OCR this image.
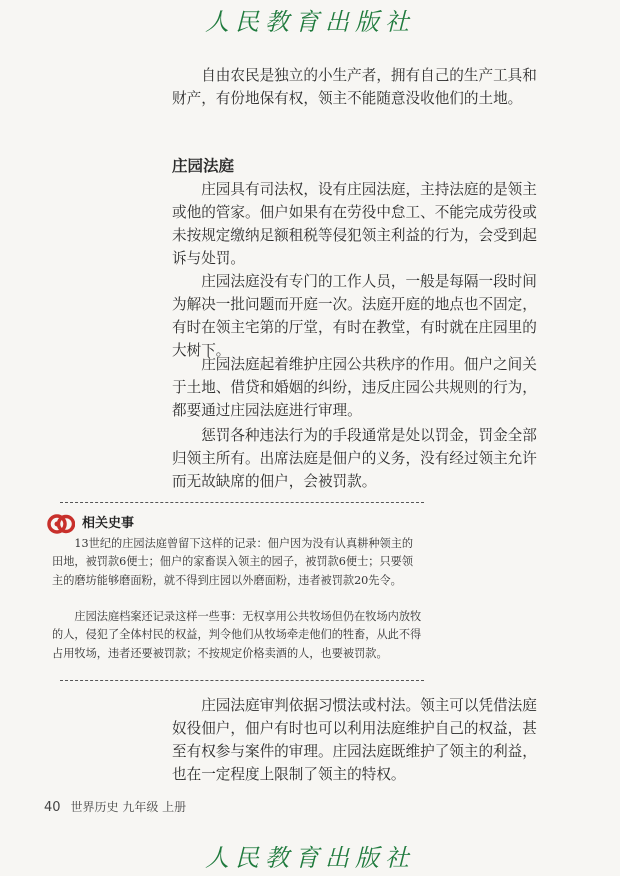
人民教育出版社

自由农民是独立的小生产者，拥有自己的生产工具和财产，有份地保有权，领主不能随意没收他们的土地。

庄园法庭

庄园具有司法权，设有庄园法庭，主持法庭的是领主或他的管家。佃户如果有在劳役中怠工、不能完成劳役或未按规定缴纳足额租税等侵犯领主利益的行为，会受到起诉与处罚。

庄园法庭没有专门的工作人员，一般是每隔一段时间为解决一批问题而开庭一次。法庭开庭的地点也不固定，有时在领主宅第的厅堂，有时在教堂，有时就在庄园里的大树下。

庄园法庭起着维护庄园公共秩序的作用。佃户之间关于土地、借贷和婚姻的纠纷，违反庄园公共规则的行为，都要通过庄园法庭进行审理。

惩罚各种违法行为的手段通常是处以罚金，罚金全部归领主所有。出席法庭是佃户的义务，没有经过领主允许而无故缺席的佃户，会被罚款。

相关史事

13世纪的庄园法庭曾留下这样的记录：佃户因为没有认真耕种领主的田地，被罚款6便士；佃户的家畜误入领主的园子，被罚款6便士；只要领主的磨坊能够磨面粉，就不得到庄园以外磨面粉，违者被罚款20先令。

庄园法庭档案还记录这样一些事：无权享用公共牧场但仍在牧场内放牧的人，侵犯了全体村民的权益，判令他们从牧场牵走他们的牲畜，从此不得占用牧场，违者还要被罚款；不按规定价格卖酒的人，也要被罚款。

庄园法庭审判依据习惯法或村法。领主可以凭借法庭奴役佃户，佃户有时也可以利用法庭维护自己的权益，甚至有权参与案件的审理。庄园法庭既维护了领主的利益，也在一定程度上限制了领主的特权。

40 世界历史 九年级 上册
人民教育出版社
